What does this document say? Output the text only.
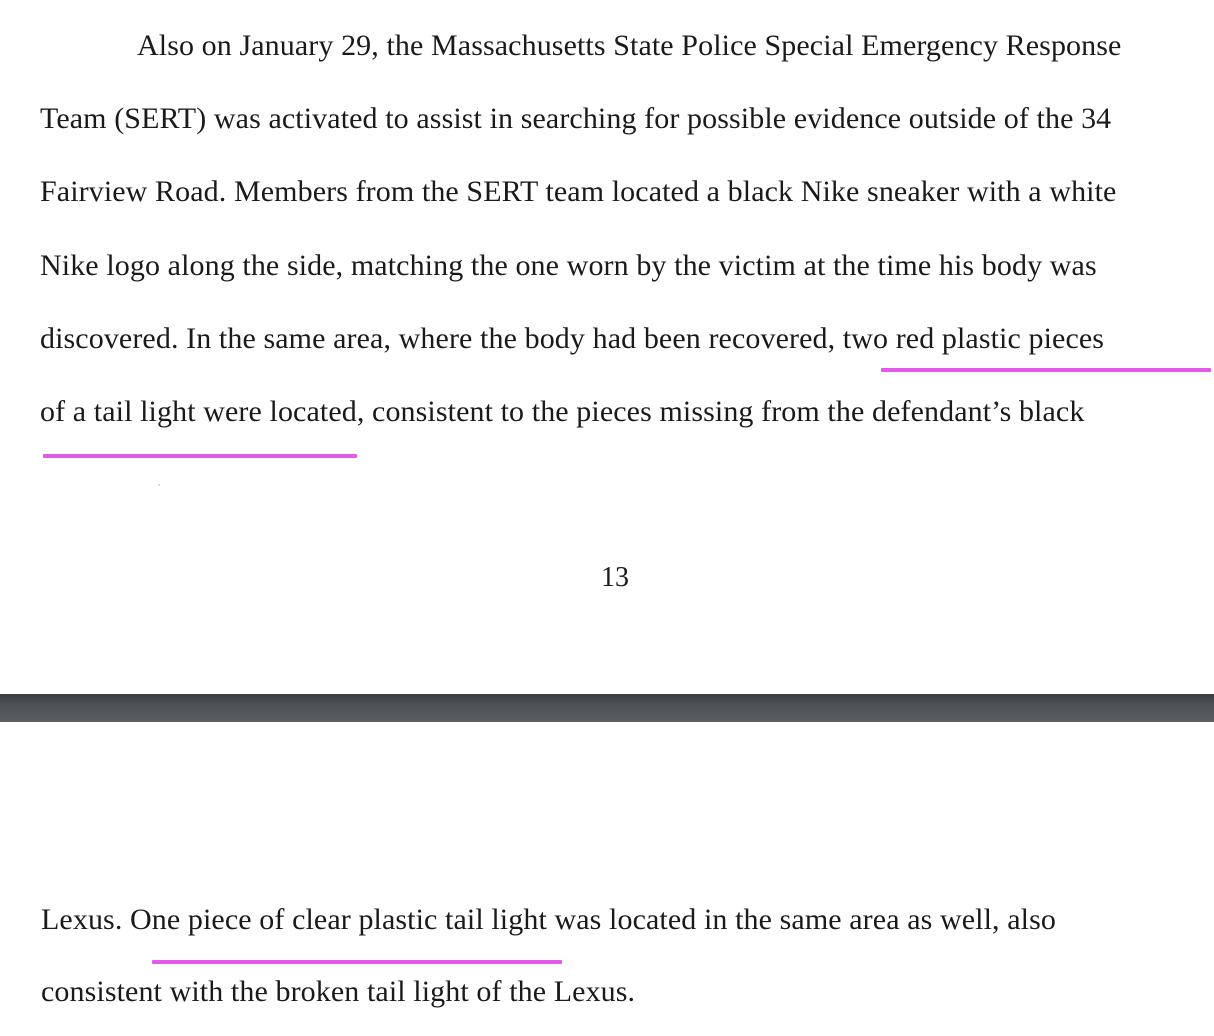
Also on January 29, the Massachusetts State Police Special Emergency Response
Team (SERT) was activated to assist in searching for possible evidence outside of the 34
Fairview Road. Members from the SERT team located a black Nike sneaker with a white
Nike logo along the side, matching the one worn by the victim at the time his body was
discovered. In the same area, where the body had been recovered, two red plastic pieces
of a tail light were located, consistent to the pieces missing from the defendant’s black
13
Lexus. One piece of clear plastic tail light was located in the same area as well, also
consistent with the broken tail light of the Lexus.
